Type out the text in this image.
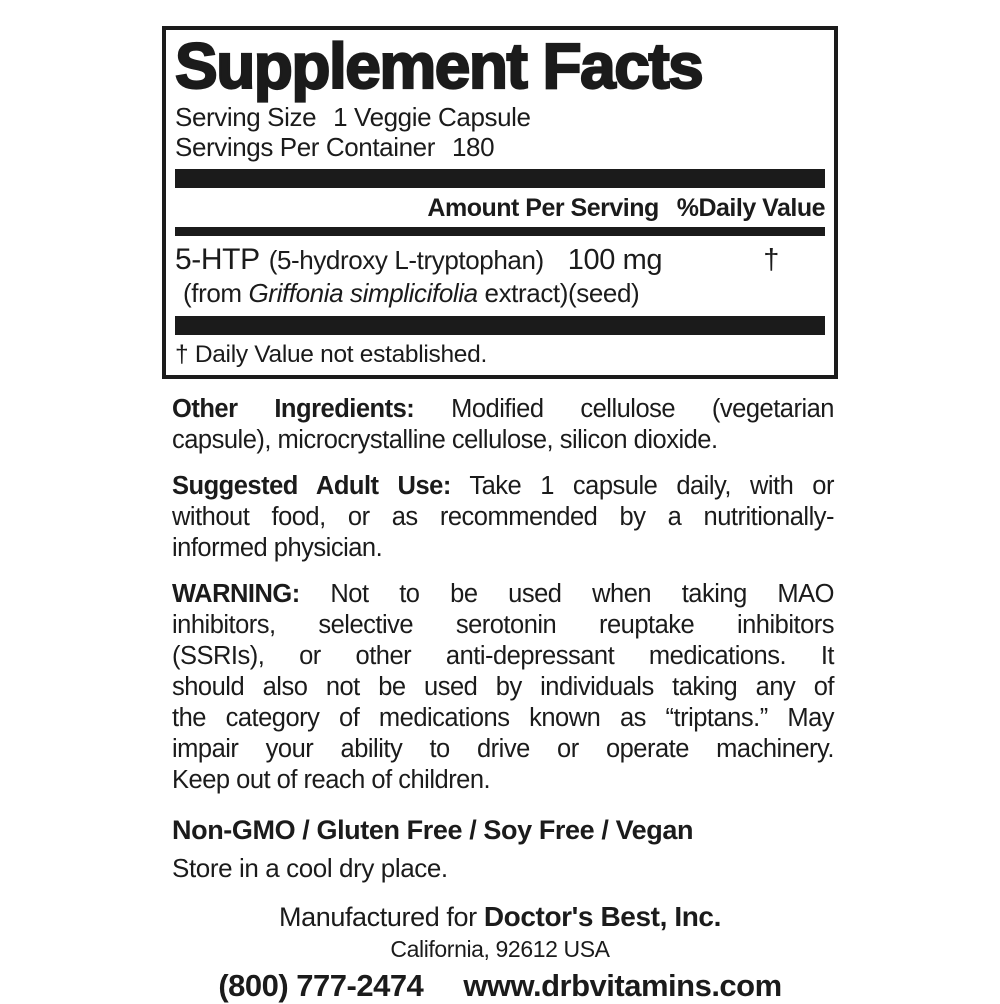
Supplement Facts
Serving Size 1 Veggie Capsule
Servings Per Container 180
Amount Per Serving %Daily Value
5-HTP (5-hydroxy L-tryptophan) 100 mg	†
(from Griffonia simplicifolia extract)(seed)
† Daily Value not established.
Other Ingredients: Modified cellulose (vegetarian
capsule), microcrystalline cellulose, silicon dioxide.
Suggested Adult Use: Take 1 capsule daily, with or
without food, or as recommended by a nutritionally-
informed physician.
WARNING: Not to be used when taking MAO
inhibitors, selective serotonin reuptake inhibitors
(SSRIs), or other anti-depressant medications. It
should also not be used by individuals taking any of
the category of medications known as “triptans.” May
impair your ability to drive or operate machinery.
Keep out of reach of children.
Non-GMO / Gluten Free / Soy Free / Vegan
Store in a cool dry place.
Manufactured for Doctor's Best, Inc.
California, 92612 USA
(800) 777-2474 www.drbvitamins.com
